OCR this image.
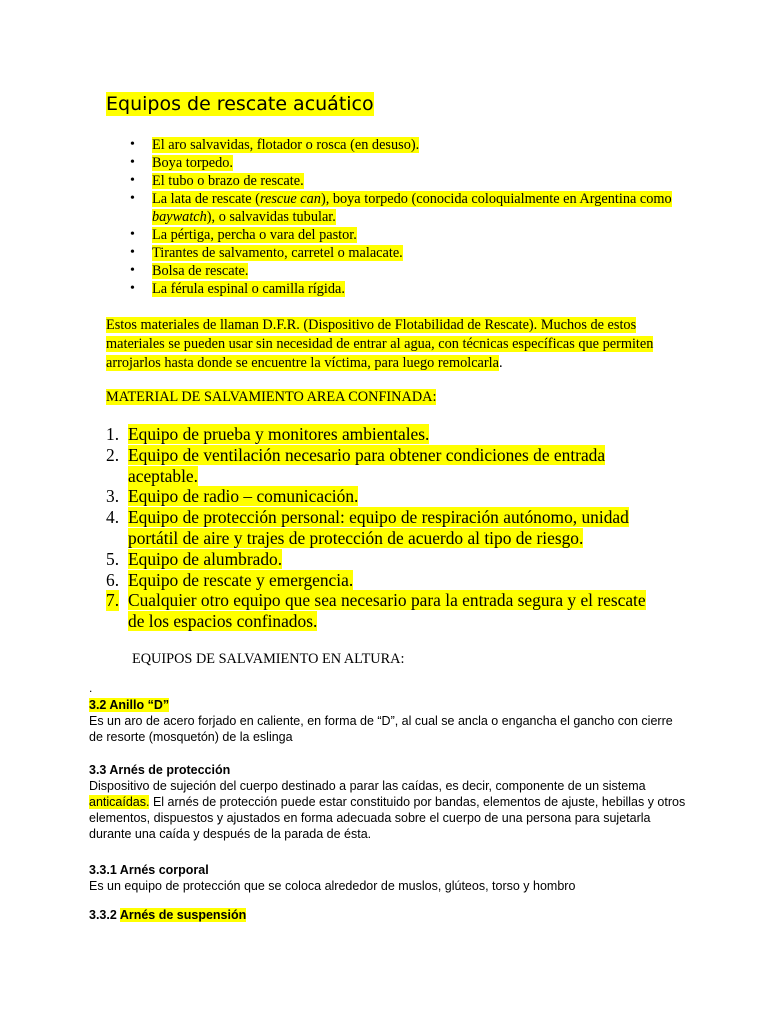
Equipos de rescate acuático
• El aro salvavidas, flotador o rosca (en desuso).
• Boya torpedo.
• El tubo o brazo de rescate.
• La lata de rescate (rescue can), boya torpedo (conocida coloquialmente en Argentina como baywatch), o salvavidas tubular.
• La pértiga, percha o vara del pastor.
• Tirantes de salvamento, carretel o malacate.
• Bolsa de rescate.
• La férula espinal o camilla rígida.

Estos materiales de llaman D.F.R. (Dispositivo de Flotabilidad de Rescate). Muchos de estos materiales se pueden usar sin necesidad de entrar al agua, con técnicas específicas que permiten arrojarlos hasta donde se encuentre la víctima, para luego remolcarla.

MATERIAL DE SALVAMIENTO AREA CONFINADA:
1. Equipo de prueba y monitores ambientales.
2. Equipo de ventilación necesario para obtener condiciones de entrada aceptable.
3. Equipo de radio – comunicación.
4. Equipo de protección personal: equipo de respiración autónomo, unidad portátil de aire y trajes de protección de acuerdo al tipo de riesgo.
5. Equipo de alumbrado.
6. Equipo de rescate y emergencia.
7. Cualquier otro equipo que sea necesario para la entrada segura y el rescate de los espacios confinados.
EQUIPOS DE SALVAMIENTO EN ALTURA:
.
3.2 Anillo “D”
Es un aro de acero forjado en caliente, en forma de “D”, al cual se ancla o engancha el gancho con cierre de resorte (mosquetón) de la eslinga
3.3 Arnés de protección
Dispositivo de sujeción del cuerpo destinado a parar las caídas, es decir, componente de un sistema
anticaídas. El arnés de protección puede estar constituido por bandas, elementos de ajuste, hebillas y otros elementos, dispuestos y ajustados en forma adecuada sobre el cuerpo de una persona para sujetarla durante una caída y después de la parada de ésta.
3.3.1 Arnés corporal
Es un equipo de protección que se coloca alrededor de muslos, glúteos, torso y hombro
3.3.2 Arnés de suspensión
